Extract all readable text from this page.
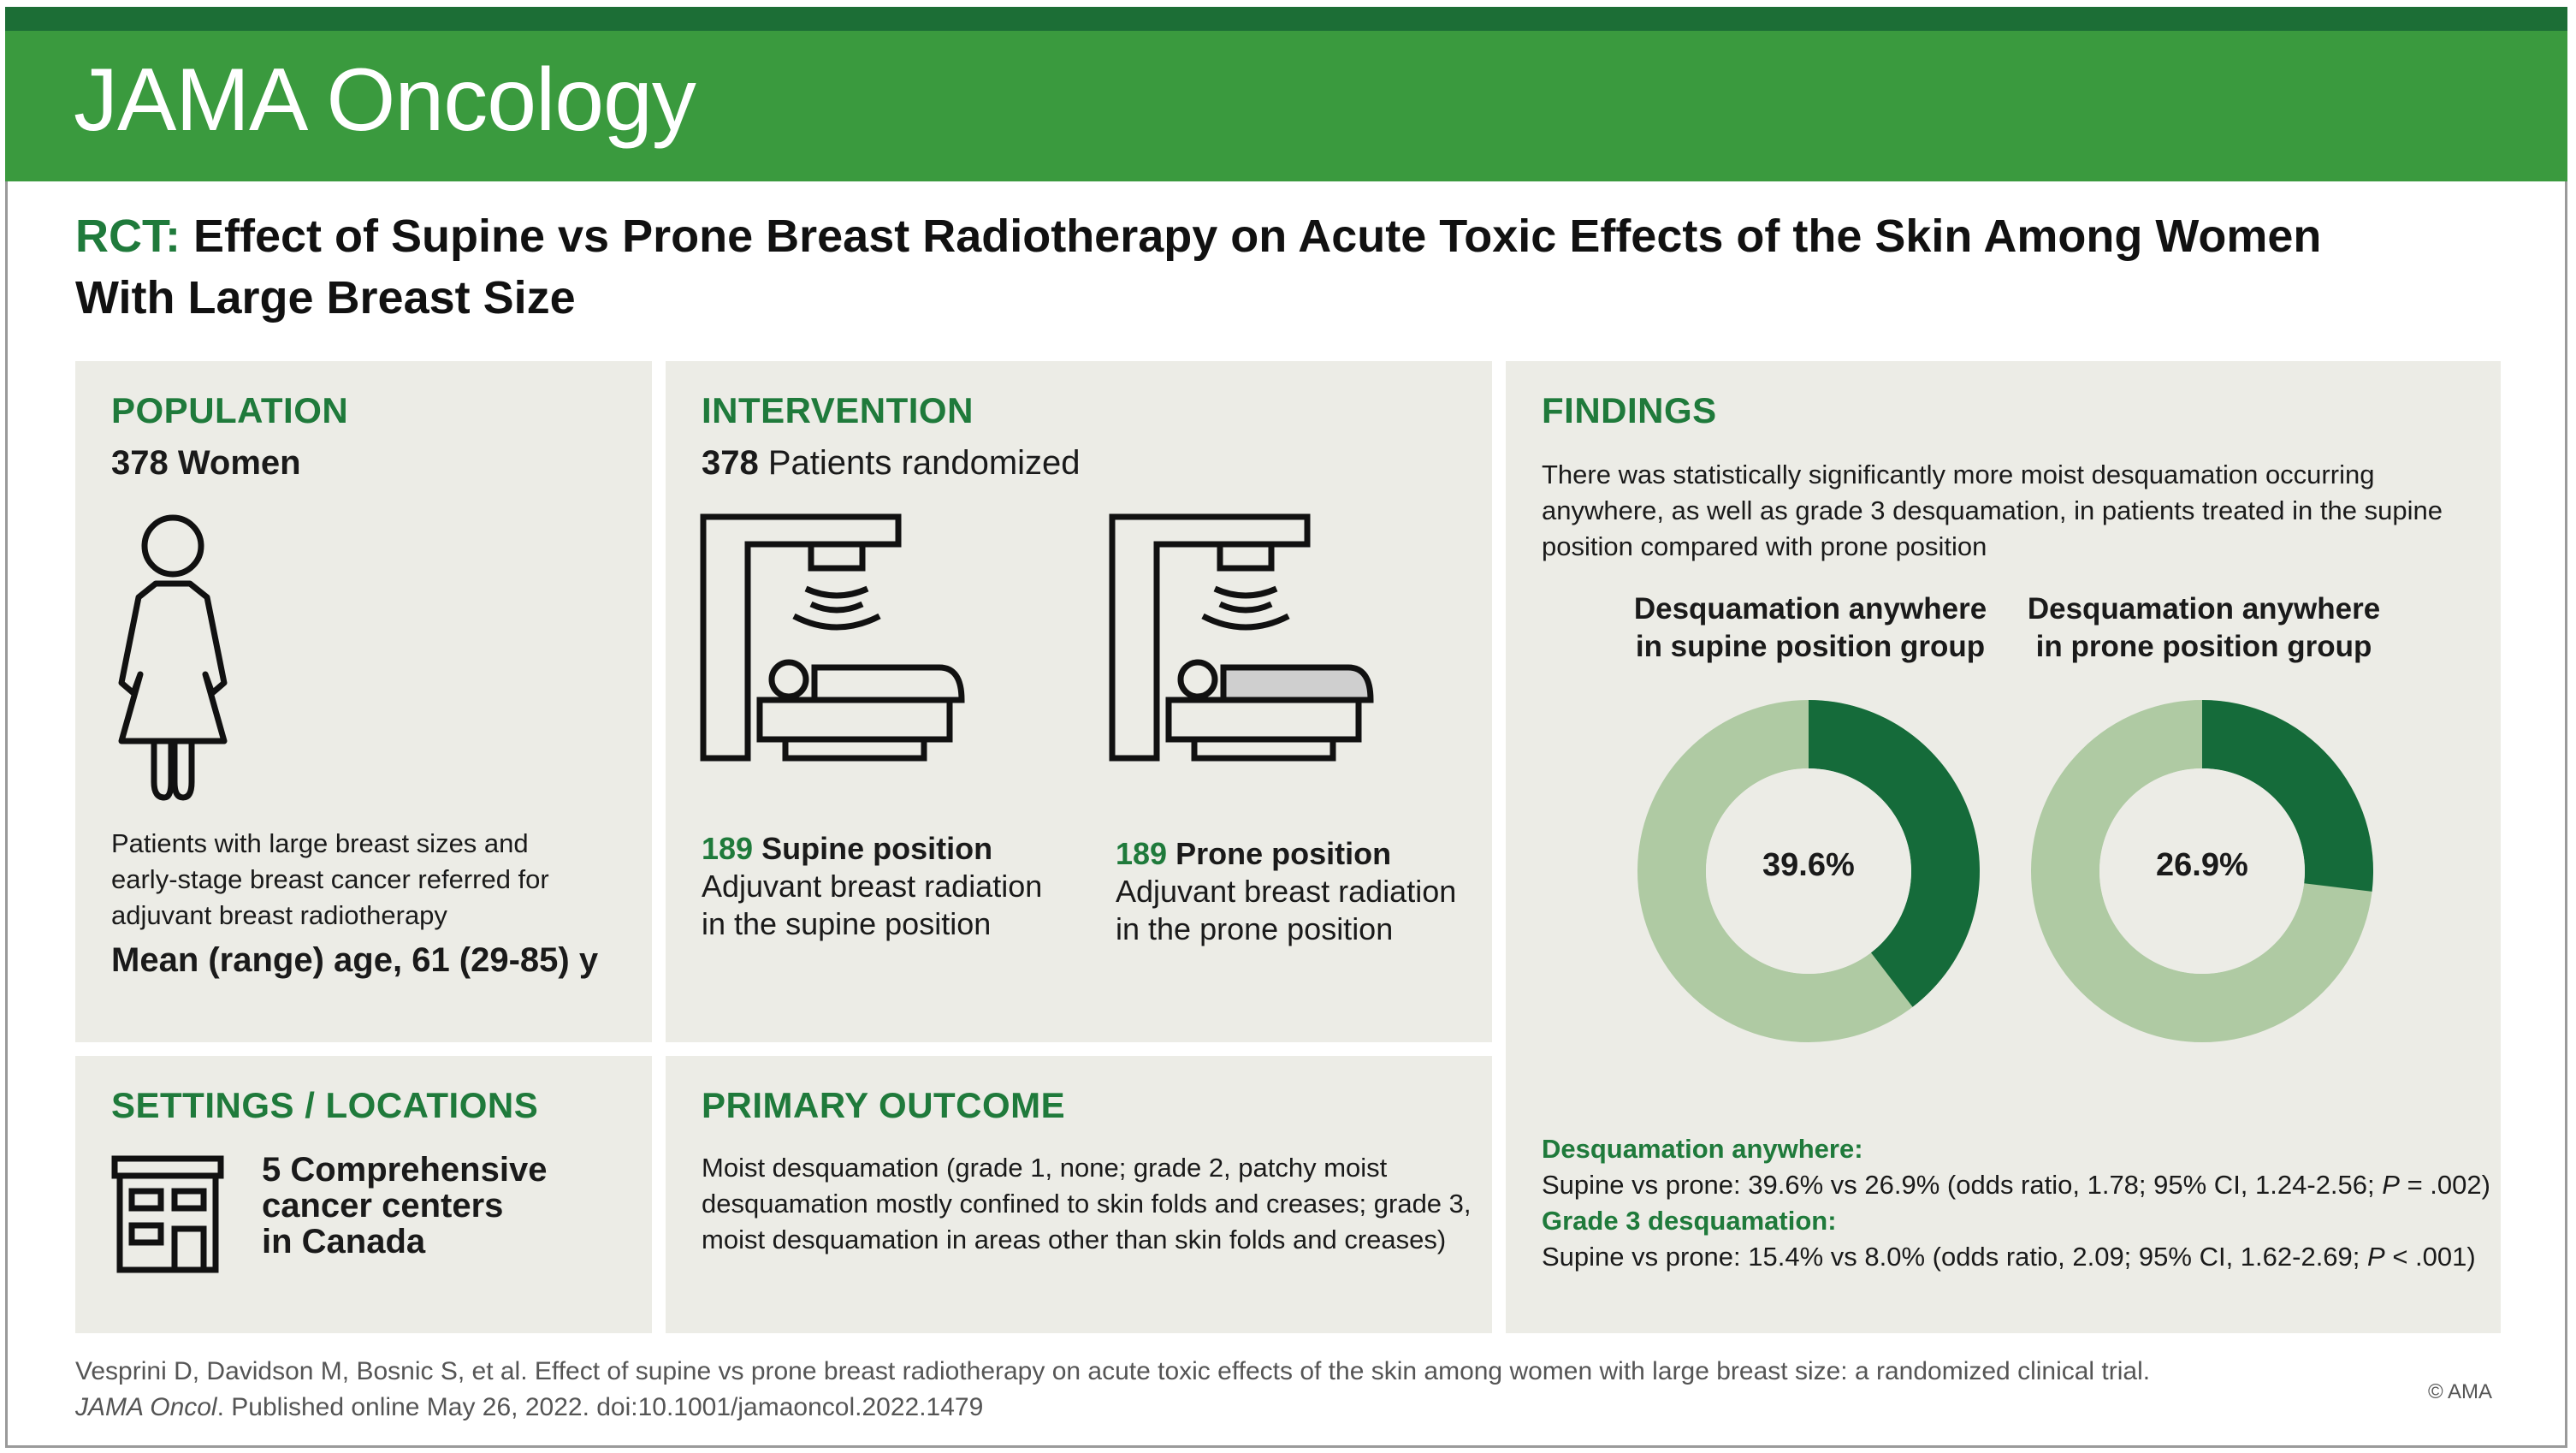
JAMA Oncology
RCT: Effect of Supine vs Prone Breast Radiotherapy on Acute Toxic Effects of the Skin Among Women With Large Breast Size
POPULATION
378 Women
Patients with large breast sizes and early-stage breast cancer referred for adjuvant breast radiotherapy
Mean (range) age, 61 (29-85) y
INTERVENTION
378 Patients randomized
189 Supine position
Adjuvant breast radiation
in the supine position
189 Prone position
Adjuvant breast radiation
in the prone position
SETTINGS / LOCATIONS
5 Comprehensive
cancer centers
in Canada
PRIMARY OUTCOME
Moist desquamation (grade 1, none; grade 2, patchy moist desquamation mostly confined to skin folds and creases; grade 3, moist desquamation in areas other than skin folds and creases)
FINDINGS
There was statistically significantly more moist desquamation occurring anywhere, as well as grade 3 desquamation, in patients treated in the supine position compared with prone position
Desquamation anywhere
in supine position group
Desquamation anywhere
in prone position group
39.6%	26.9%
Desquamation anywhere:
Supine vs prone: 39.6% vs 26.9% (odds ratio, 1.78; 95% CI, 1.24-2.56; P = .002)
Grade 3 desquamation:
Supine vs prone: 15.4% vs 8.0% (odds ratio, 2.09; 95% CI, 1.62-2.69; P < .001)
Vesprini D, Davidson M, Bosnic S, et al. Effect of supine vs prone breast radiotherapy on acute toxic effects of the skin among women with large breast size: a randomized clinical trial.
JAMA Oncol. Published online May 26, 2022. doi:10.1001/jamaoncol.2022.1479
© AMA
